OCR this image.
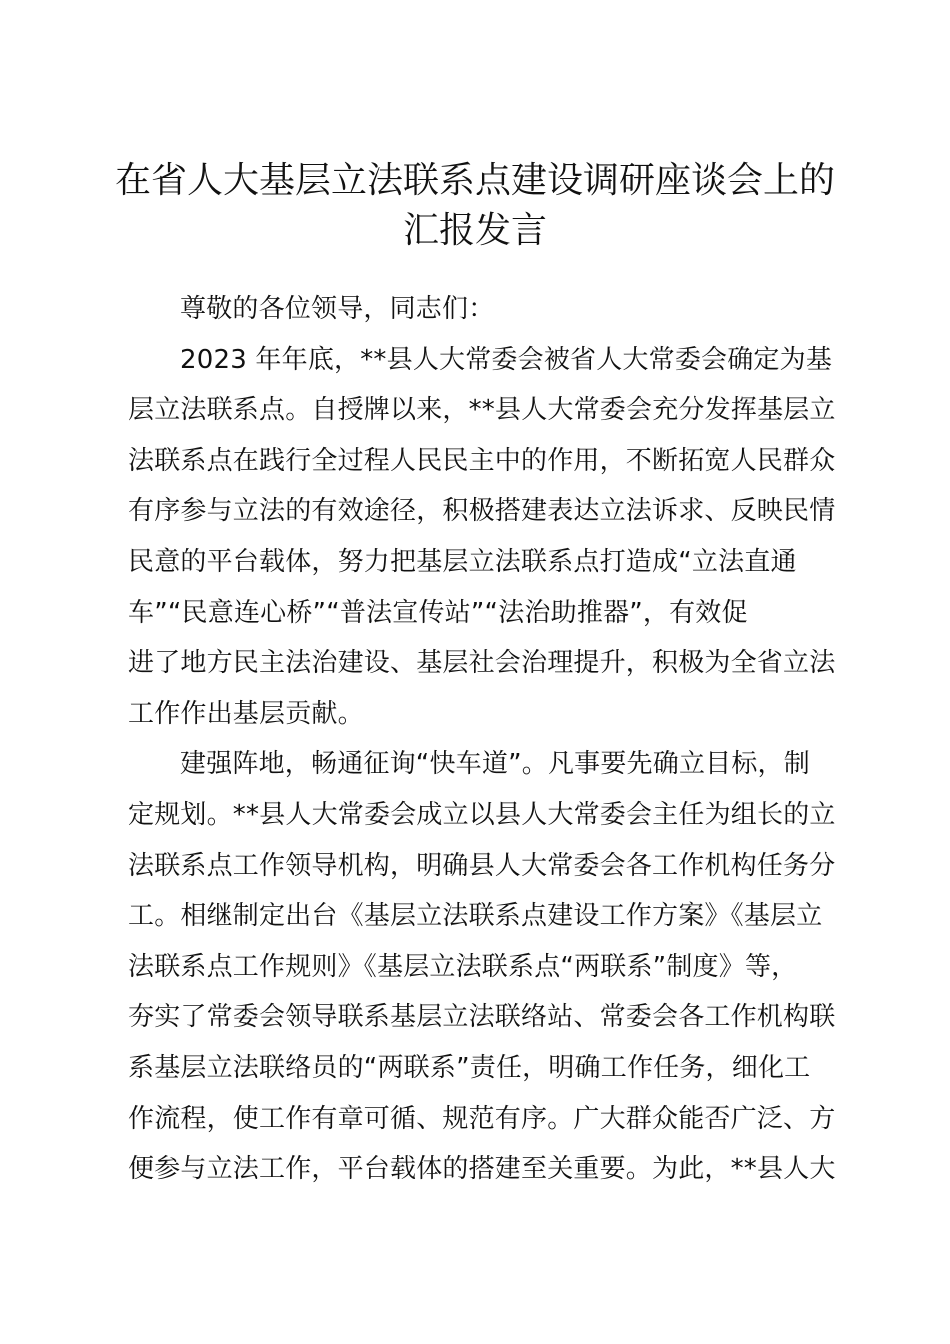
在省人大基层立法联系点建设调研座谈会上的
汇报发言
尊敬的各位领导，同志们：
2023 年年底，**县人大常委会被省人大常委会确定为基
层立法联系点。自授牌以来，**县人大常委会充分发挥基层立
法联系点在践行全过程人民民主中的作用，不断拓宽人民群众
有序参与立法的有效途径，积极搭建表达立法诉求、反映民情
民意的平台载体，努力把基层立法联系点打造成“立法直通
车”“民意连心桥”“普法宣传站”“法治助推器”，有效促
进了地方民主法治建设、基层社会治理提升，积极为全省立法
工作作出基层贡献。
建强阵地，畅通征询“快车道”。凡事要先确立目标，制
定规划。**县人大常委会成立以县人大常委会主任为组长的立
法联系点工作领导机构，明确县人大常委会各工作机构任务分
工。相继制定出台《基层立法联系点建设工作方案》《基层立
法联系点工作规则》《基层立法联系点“两联系”制度》等，
夯实了常委会领导联系基层立法联络站、常委会各工作机构联
系基层立法联络员的“两联系”责任，明确工作任务，细化工
作流程，使工作有章可循、规范有序。广大群众能否广泛、方
便参与立法工作，平台载体的搭建至关重要。为此，**县人大
